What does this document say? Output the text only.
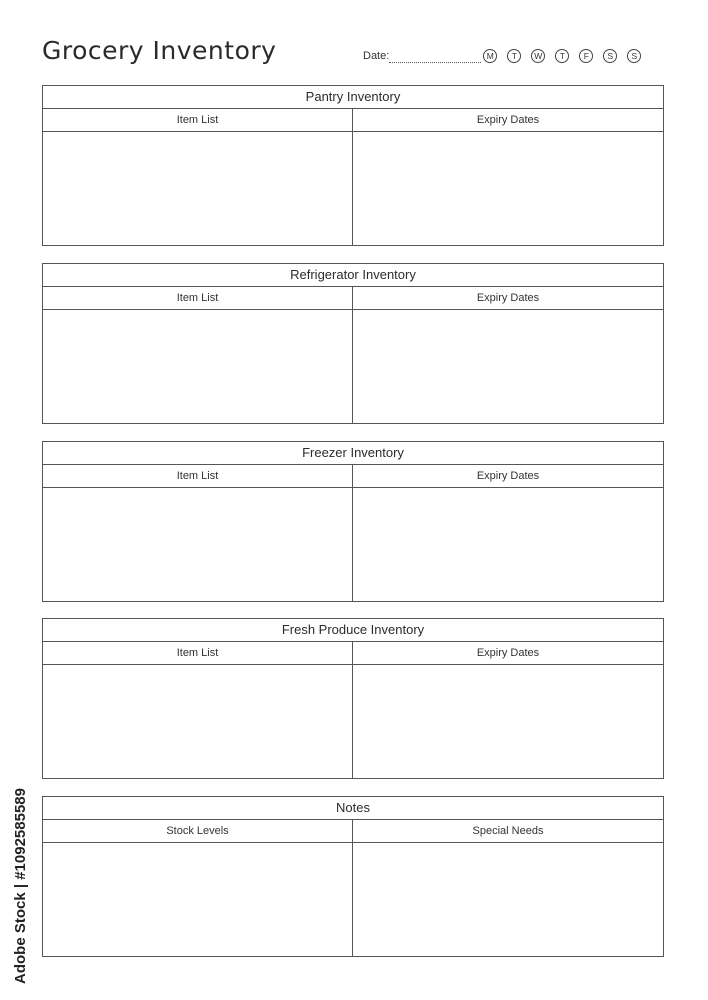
Grocery Inventory	Date:	M	T	W	T	F	S	S
Pantry Inventory
Item List	Expiry Dates
Refrigerator Inventory
Item List	Expiry Dates
Freezer Inventory
Item List	Expiry Dates
Fresh Produce Inventory
Item List	Expiry Dates
Notes
Stock Levels	Special Needs
Adobe Stock | #1092585589
